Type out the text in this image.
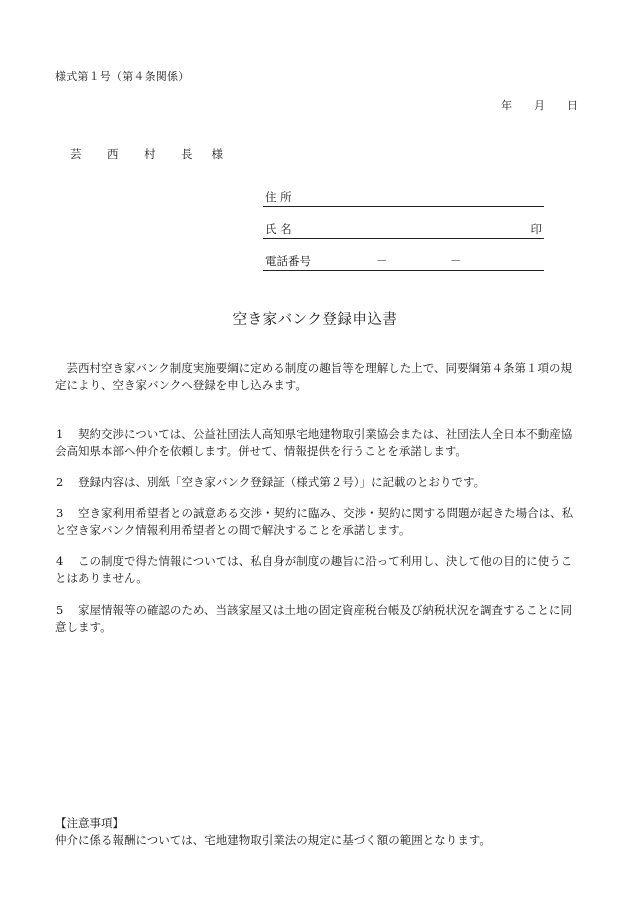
様式第１号（第４条関係）
年 月 日
芸　西　村　長 様
住 所
氏 名	印
電話番号	－	－
空き家バンク登録申込書
芸西村空き家バンク制度実施要綱に定める制度の趣旨等を理解した上で、同要綱第４条第１項の規定により、空き家バンクへ登録を申し込みます。
1 契約交渉については、公益社団法人高知県宅地建物取引業協会または、社団法人全日本不動産協会高知県本部へ仲介を依頼します。併せて、情報提供を行うことを承諾します。
2 登録内容は、別紙「空き家バンク登録証（様式第２号）」に記載のとおりです。
3 空き家利用希望者との誠意ある交渉・契約に臨み、交渉・契約に関する問題が起きた場合は、私と空き家バンク情報利用希望者との間で解決することを承諾します。
4 この制度で得た情報については、私自身が制度の趣旨に沿って利用し、決して他の目的に使うことはありません。
5 家屋情報等の確認のため、当該家屋又は土地の固定資産税台帳及び納税状況を調査することに同意します。
【注意事項】
仲介に係る報酬については、宅地建物取引業法の規定に基づく額の範囲となります。
